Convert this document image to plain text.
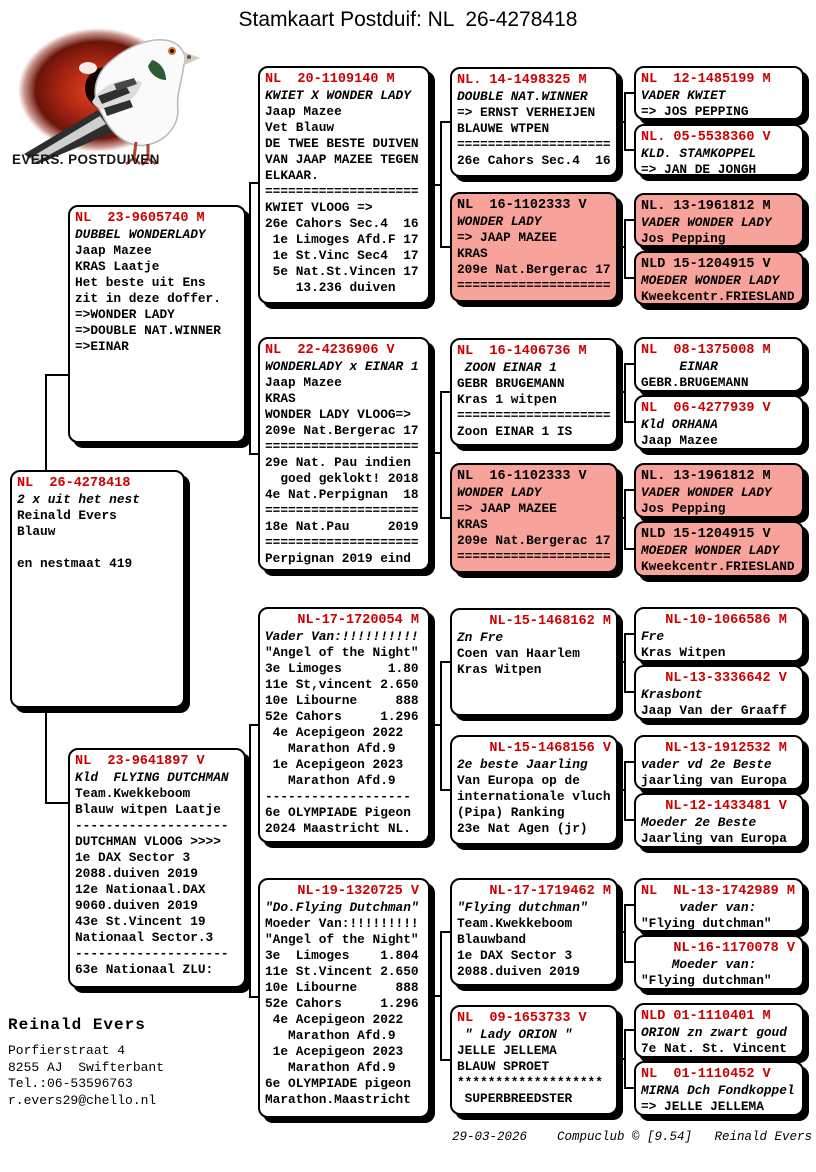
Stamkaart Postduif: NL  26-4278418
EVERS. POSTDUIVEN
NL  23-9605740 M
DUBBEL WONDERLADY
Jaap Mazee
KRAS Laatje
Het beste uit Ens
zit in deze doffer.
=>WONDER LADY
=>DOUBLE NAT.WINNER
=>EINAR
NL  26-4278418
2 x uit het nest
Reinald Evers
Blauw

en nestmaat 419
NL  23-9641897 V
Kld  FLYING DUTCHMAN
Team.Kwekkeboom
Blauw witpen Laatje
--------------------
DUTCHMAN VLOOG >>>>
1e DAX Sector 3
2088.duiven 2019
12e Nationaal.DAX
9060.duiven 2019
43e St.Vincent 19
Nationaal Sector.3
--------------------
63e Nationaal ZLU:
NL  20-1109140 M
KWIET X WONDER LADY
Jaap Mazee
Vet Blauw
DE TWEE BESTE DUIVEN
VAN JAAP MAZEE TEGEN
ELKAAR.
====================
KWIET VLOOG =>
26e Cahors Sec.4  16
1e Limoges Afd.F 17
1e St.Vinc Sec4  17
5e Nat.St.Vincen 17
13.236 duiven
NL  22-4236906 V
WONDERLADY x EINAR 1
Jaap Mazee
KRAS
WONDER LADY VLOOG=>
209e Nat.Bergerac 17
====================
29e Nat. Pau indien
goed geklokt! 2018
4e Nat.Perpignan  18
====================
18e Nat.Pau     2019
====================
Perpignan 2019 eind
NL-17-1720054 M
Vader Van:!!!!!!!!!!
"Angel of the Night"
3e Limoges      1.80
11e St,vincent 2.650
10e Libourne     888
52e Cahors     1.296
4e Acepigeon 2022
Marathon Afd.9
1e Acepigeon 2023
Marathon Afd.9
-------------------
6e OLYMPIADE Pigeon
2024 Maastricht NL.
NL-19-1320725 V
"Do.Flying Dutchman"
Moeder Van:!!!!!!!!!
"Angel of the Night"
3e  Limoges    1.804
11e St.Vincent 2.650
10e Libourne     888
52e Cahors     1.296
4e Acepigeon 2022
Marathon Afd.9
1e Acepigeon 2023
Marathon Afd.9
6e OLYMPIADE pigeon
Marathon.Maastricht
NL. 14-1498325 M
DOUBLE NAT.WINNER
=> ERNST VERHEIJEN
BLAUWE WTPEN
====================
26e Cahors Sec.4  16
NL  16-1102333 V
WONDER LADY
=> JAAP MAZEE
KRAS
209e Nat.Bergerac 17
====================
NL  16-1406736 M
ZOON EINAR 1
GEBR BRUGEMANN
Kras 1 witpen
====================
Zoon EINAR 1 IS
NL  16-1102333 V
WONDER LADY
=> JAAP MAZEE
KRAS
209e Nat.Bergerac 17
====================
NL-15-1468162 M
Zn Fre
Coen van Haarlem
Kras Witpen
NL-15-1468156 V
2e beste Jaarling
Van Europa op de
internationale vluch
(Pipa) Ranking
23e Nat Agen (jr)
NL-17-1719462 M
"Flying dutchman"
Team.Kwekkeboom
Blauwband
1e DAX Sector 3
2088.duiven 2019
NL  09-1653733 V
" Lady ORION "
JELLE JELLEMA
BLAUW SPROET
*******************
SUPERBREEDSTER
NL  12-1485199 M
VADER KWIET
=> JOS PEPPING
NL. 05-5538360 V
KLD. STAMKOPPEL
=> JAN DE JONGH
NL. 13-1961812 M
VADER WONDER LADY
Jos Pepping
NLD 15-1204915 V
MOEDER WONDER LADY
Kweekcentr.FRIESLAND
NL  08-1375008 M
EINAR
GEBR.BRUGEMANN
NL  06-4277939 V
Kld ORHANA
Jaap Mazee
NL. 13-1961812 M
VADER WONDER LADY
Jos Pepping
NLD 15-1204915 V
MOEDER WONDER LADY
Kweekcentr.FRIESLAND
NL-10-1066586 M
Fre
Kras Witpen
NL-13-3336642 V
Krasbont
Jaap Van der Graaff
NL-13-1912532 M
vader vd 2e Beste
jaarling van Europa
NL-12-1433481 V
Moeder 2e Beste
Jaarling van Europa
NL  NL-13-1742989 M
vader van:
"Flying dutchman"
NL-16-1170078 V
Moeder van:
"Flying dutchman"
NLD 01-1110401 M
ORION zn zwart goud
7e Nat. St. Vincent
NL  01-1110452 V
MIRNA Dch Fondkoppel
=> JELLE JELLEMA
Reinald Evers
Porfierstraat 4
8255 AJ  Swifterbant
Tel.:06-53596763
r.evers29@chello.nl
29-03-2026    Compuclub © [9.54]   Reinald Evers
